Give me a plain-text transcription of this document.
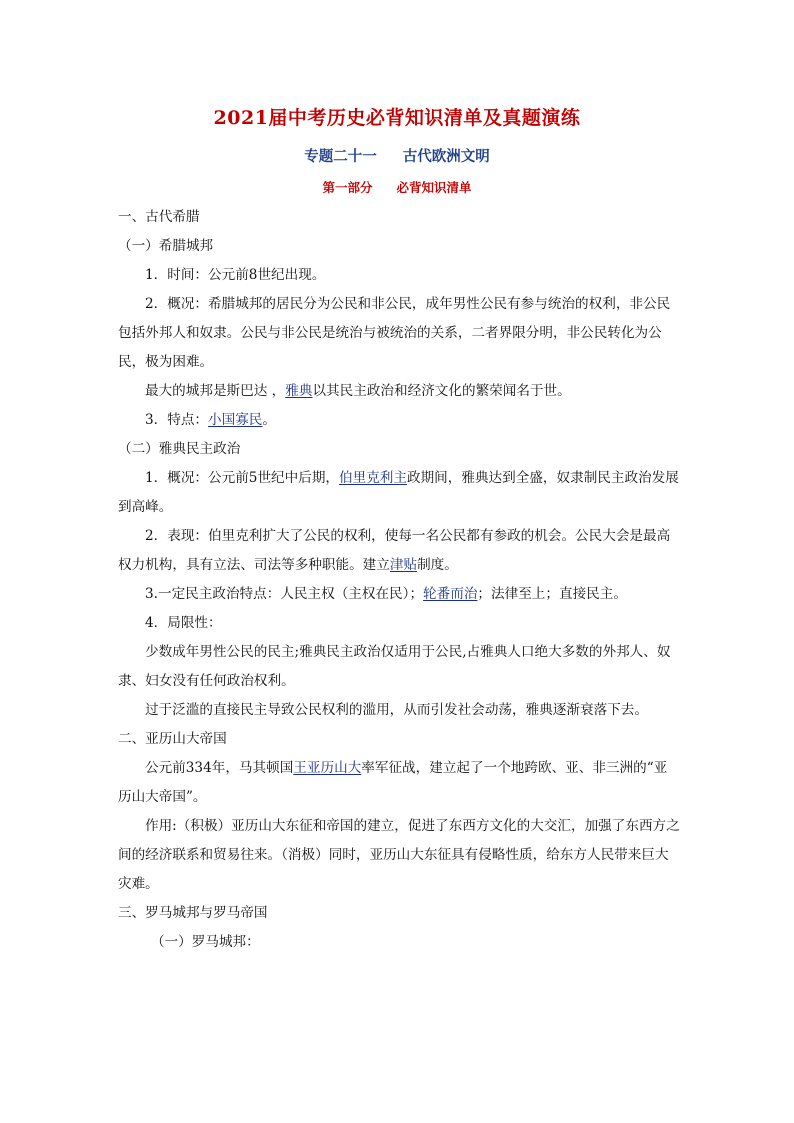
2021届中考历史必背知识清单及真题演练
专题二十一 古代欧洲文明
第一部分 必背知识清单

一、古代希腊

（一）希腊城邦

1．时间：公元前8世纪出现。

2．概况：希腊城邦的居民分为公民和非公民，成年男性公民有参与统治的权利，非公民包括外邦人和奴隶。公民与非公民是统治与被统治的关系，二者界限分明，非公民转化为公民，极为困难。

最大的城邦是斯巴达 ，雅典以其民主政治和经济文化的繁荣闻名于世。

3．特点：小国寡民。

（二）雅典民主政治

1．概况：公元前5世纪中后期，伯里克利主政期间，雅典达到全盛，奴隶制民主政治发展到高峰。

2．表现：伯里克利扩大了公民的权利，使每一名公民都有参政的机会。公民大会是最高权力机构，具有立法、司法等多种职能。建立津贴制度。

3.一定民主政治特点：人民主权（主权在民）；轮番而治；法律至上；直接民主。

4．局限性：

少数成年男性公民的民主;雅典民主政治仅适用于公民,占雅典人口绝大多数的外邦人、奴隶、妇女没有任何政治权利。

过于泛滥的直接民主导致公民权利的滥用，从而引发社会动荡，雅典逐渐衰落下去。

二、亚历山大帝国

公元前334年，马其顿国王亚历山大率军征战，建立起了一个地跨欧、亚、非三洲的“亚历山大帝国”。

作用:（积极）亚历山大东征和帝国的建立，促进了东西方文化的大交汇，加强了东西方之间的经济联系和贸易往来。（消极）同时，亚历山大东征具有侵略性质，给东方人民带来巨大灾难。

三、罗马城邦与罗马帝国

（一）罗马城邦：
